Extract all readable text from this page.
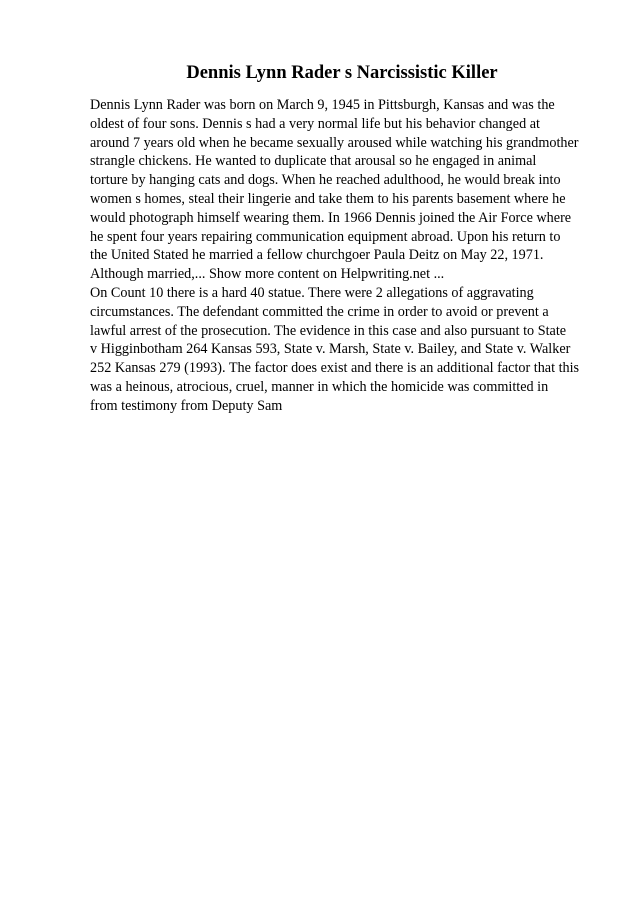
Dennis Lynn Rader s Narcissistic Killer
Dennis Lynn Rader was born on March 9, 1945 in Pittsburgh, Kansas and was the
oldest of four sons. Dennis s had a very normal life but his behavior changed at
around 7 years old when he became sexually aroused while watching his grandmother
strangle chickens. He wanted to duplicate that arousal so he engaged in animal
torture by hanging cats and dogs. When he reached adulthood, he would break into
women s homes, steal their lingerie and take them to his parents basement where he
would photograph himself wearing them. In 1966 Dennis joined the Air Force where
he spent four years repairing communication equipment abroad. Upon his return to
the United Stated he married a fellow churchgoer Paula Deitz on May 22, 1971.
Although married,... Show more content on Helpwriting.net ...
On Count 10 there is a hard 40 statue. There were 2 allegations of aggravating
circumstances. The defendant committed the crime in order to avoid or prevent a
lawful arrest of the prosecution. The evidence in this case and also pursuant to State
v Higginbotham 264 Kansas 593, State v. Marsh, State v. Bailey, and State v. Walker
252 Kansas 279 (1993). The factor does exist and there is an additional factor that this
was a heinous, atrocious, cruel, manner in which the homicide was committed in
from testimony from Deputy Sam
